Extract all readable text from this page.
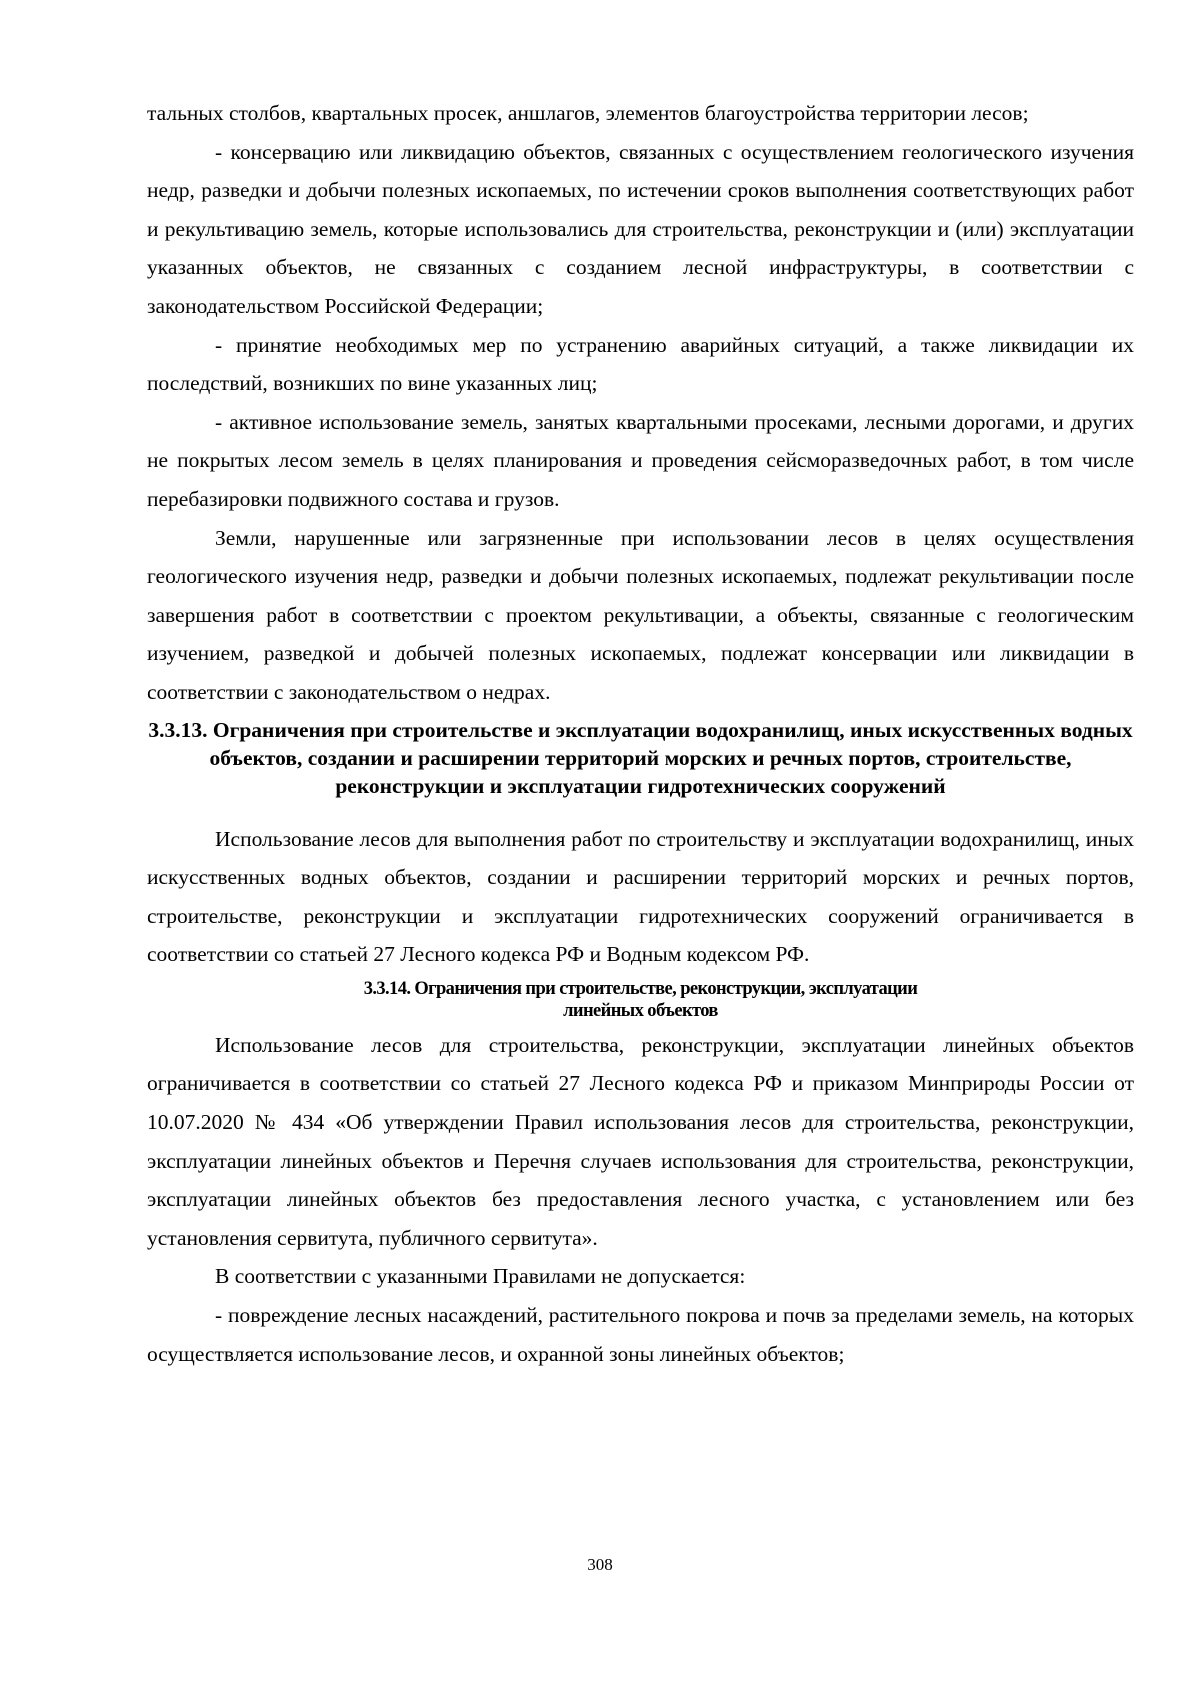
тальных столбов, квартальных просек, аншлагов, элементов благоустройства территории лесов;

- консервацию или ликвидацию объектов, связанных с осуществлением геологического изучения недр, разведки и добычи полезных ископаемых, по истечении сроков выполнения соответствующих работ и рекультивацию земель, которые использовались для строительства, реконструкции и (или) эксплуатации указанных объектов, не связанных с созданием лесной инфраструктуры, в соответствии с законодательством Российской Федерации;

- принятие необходимых мер по устранению аварийных ситуаций, а также ликвидации их последствий, возникших по вине указанных лиц;

- активное использование земель, занятых квартальными просеками, лесными дорогами, и других не покрытых лесом земель в целях планирования и проведения сейсморазведочных работ, в том числе перебазировки подвижного состава и грузов.

Земли, нарушенные или загрязненные при использовании лесов в целях осуществления геологического изучения недр, разведки и добычи полезных ископаемых, подлежат рекультивации после завершения работ в соответствии с проектом рекультивации, а объекты, связанные с геологическим изучением, разведкой и добычей полезных ископаемых, подлежат консервации или ликвидации в соответствии с законодательством о недрах.

3.3.13. Ограничения при строительстве и эксплуатации водохранилищ, иных искусственных водных объектов, создании и расширении территорий морских и речных портов, строительстве, реконструкции и эксплуатации гидротехнических сооружений

Использование лесов для выполнения работ по строительству и эксплуатации водохранилищ, иных искусственных водных объектов, создании и расширении территорий морских и речных портов, строительстве, реконструкции и эксплуатации гидротехнических сооружений ограничивается в соответствии со статьей 27 Лесного кодекса РФ и Водным кодексом РФ.

3.3.14. Ограничения при строительстве, реконструкции, эксплуатации
линейных объектов

Использование лесов для строительства, реконструкции, эксплуатации линейных объектов ограничивается в соответствии со статьей 27 Лесного кодекса РФ и приказом Минприроды России от 10.07.2020 № 434 «Об утверждении Правил использования лесов для строительства, реконструкции, эксплуатации линейных объектов и Перечня случаев использования для строительства, реконструкции, эксплуатации линейных объектов без предоставления лесного участка, с установлением или без установления сервитута, публичного сервитута».

В соответствии с указанными Правилами не допускается:

- повреждение лесных насаждений, растительного покрова и почв за пределами земель, на которых осуществляется использование лесов, и охранной зоны линейных объектов;

308
